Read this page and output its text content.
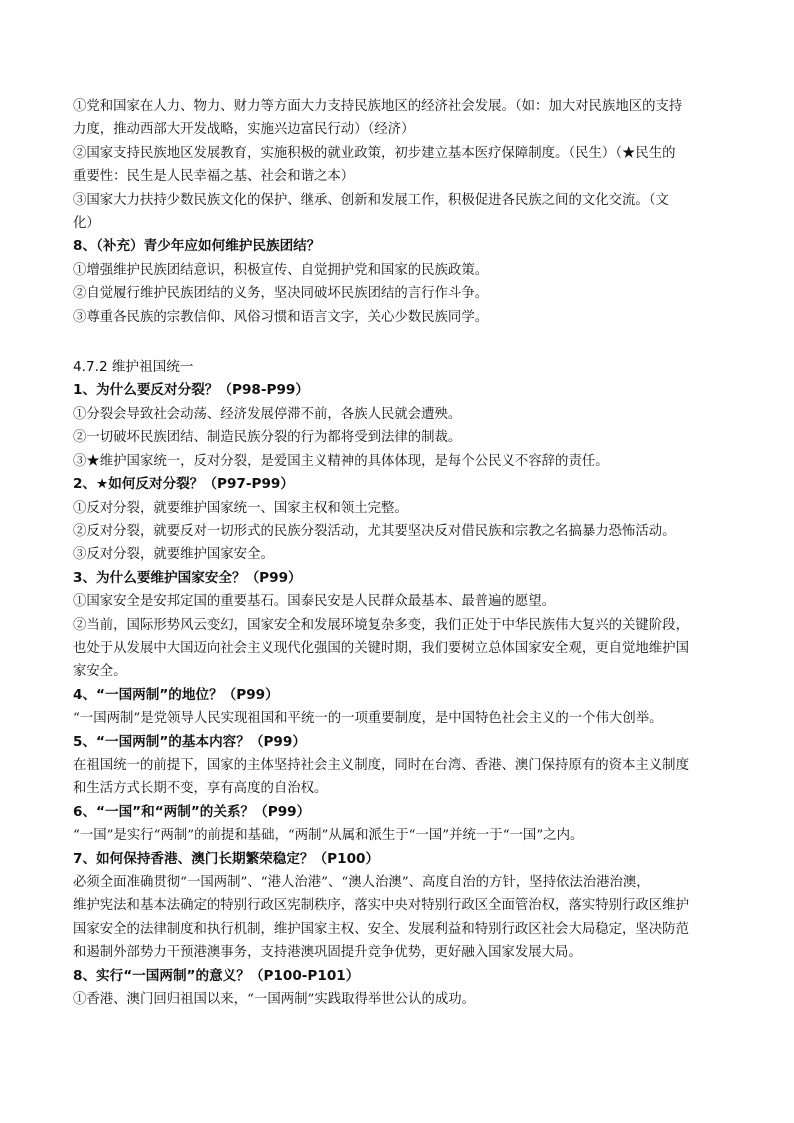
①党和国家在人力、物力、财力等方面大力支持民族地区的经济社会发展。（如：加大对民族地区的支持
力度，推动西部大开发战略，实施兴边富民行动）（经济）
②国家支持民族地区发展教育，实施积极的就业政策，初步建立基本医疗保障制度。（民生）（★民生的
重要性：民生是人民幸福之基、社会和谐之本）
③国家大力扶持少数民族文化的保护、继承、创新和发展工作，积极促进各民族之间的文化交流。（文
化）
8、（补充）青少年应如何维护民族团结？
①增强维护民族团结意识，积极宣传、自觉拥护党和国家的民族政策。
②自觉履行维护民族团结的义务，坚决同破坏民族团结的言行作斗争。
③尊重各民族的宗教信仰、风俗习惯和语言文字，关心少数民族同学。
4.7.2 维护祖国统一
1、为什么要反对分裂？（P98-P99）
①分裂会导致社会动荡、经济发展停滞不前，各族人民就会遭殃。
②一切破坏民族团结、制造民族分裂的行为都将受到法律的制裁。
③★维护国家统一，反对分裂，是爱国主义精神的具体体现，是每个公民义不容辞的责任。
2、★如何反对分裂？（P97-P99）
①反对分裂，就要维护国家统一、国家主权和领土完整。
②反对分裂，就要反对一切形式的民族分裂活动，尤其要坚决反对借民族和宗教之名搞暴力恐怖活动。
③反对分裂，就要维护国家安全。
3、为什么要维护国家安全？（P99）
①国家安全是安邦定国的重要基石。国泰民安是人民群众最基本、最普遍的愿望。
②当前，国际形势风云变幻，国家安全和发展环境复杂多变，我们正处于中华民族伟大复兴的关键阶段，
也处于从发展中大国迈向社会主义现代化强国的关键时期，我们要树立总体国家安全观，更自觉地维护国
家安全。
4、“一国两制”的地位？（P99）
“一国两制”是党领导人民实现祖国和平统一的一项重要制度，是中国特色社会主义的一个伟大创举。
5、“一国两制”的基本内容？（P99）
在祖国统一的前提下，国家的主体坚持社会主义制度，同时在台湾、香港、澳门保持原有的资本主义制度
和生活方式长期不变，享有高度的自治权。
6、“一国”和“两制”的关系？（P99）
“一国”是实行“两制”的前提和基础，“两制”从属和派生于“一国”并统一于“一国”之内。
7、如何保持香港、澳门长期繁荣稳定？（P100）
必须全面准确贯彻“一国两制”、“港人治港”、“澳人治澳”、高度自治的方针，坚持依法治港治澳，
维护宪法和基本法确定的特别行政区宪制秩序，落实中央对特别行政区全面管治权，落实特别行政区维护
国家安全的法律制度和执行机制，维护国家主权、安全、发展利益和特别行政区社会大局稳定，坚决防范
和遏制外部势力干预港澳事务，支持港澳巩固提升竞争优势，更好融入国家发展大局。
8、实行“一国两制”的意义？（P100-P101）
①香港、澳门回归祖国以来，“一国两制”实践取得举世公认的成功。
